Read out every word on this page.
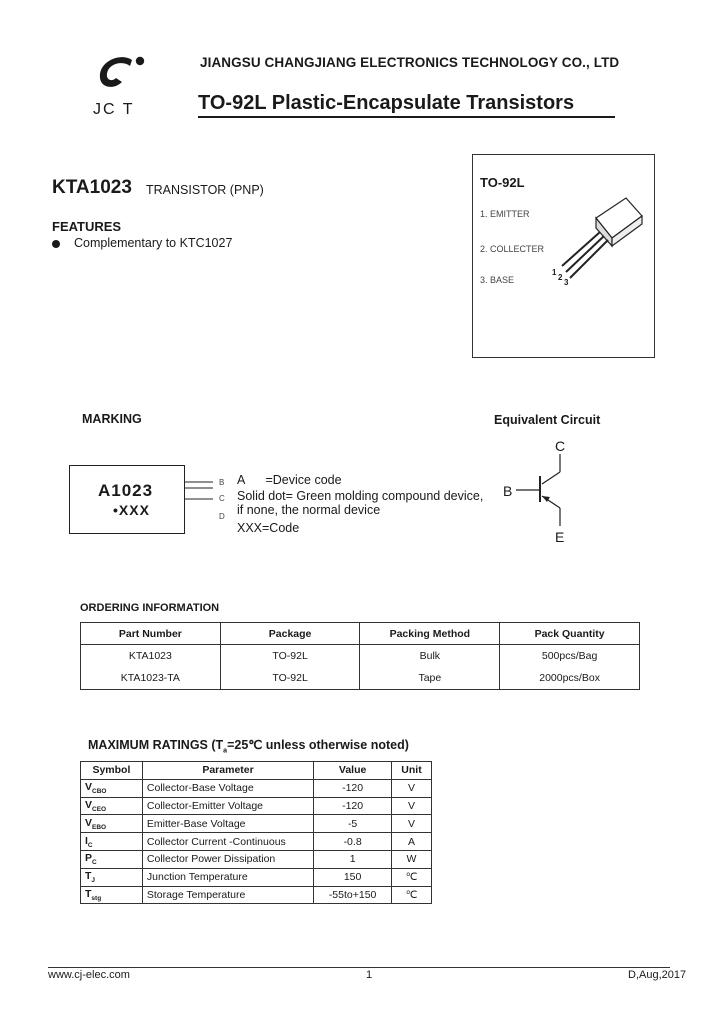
JC T
JIANGSU CHANGJIANG ELECTRONICS TECHNOLOGY CO., LTD
TO-92L Plastic-Encapsulate Transistors
KTA1023 TRANSISTOR (PNP)
FEATURES
Complementary to KTC1027
TO-92L
1. EMITTER
2. COLLECTER
3. BASE
1
2
3
MARKING
A1023
•XXX
B
C
D
A      =Device code
Solid dot= Green molding compound device,
if none, the normal device
XXX=Code
Equivalent Circuit
C
B
E
ORDERING INFORMATION
Part Number	Package	Packing Method	Pack Quantity
KTA1023	TO-92L	Bulk	500pcs/Bag
KTA1023-TA	TO-92L	Tape	2000pcs/Box
MAXIMUM RATINGS ($T_a=25℃$ unless otherwise noted)
Symbol	Parameter	Value	Unit
$V_{CBO}$	Collector-Base Voltage	-120	V
$V_{CEO}$	Collector-Emitter Voltage	-120	V
$V_{EBO}$	Emitter-Base Voltage	-5	V
$I_C$	Collector Current -Continuous	-0.8	A
$P_C$	Collector Power Dissipation	1	W
$T_J$	Junction Temperature	150	℃
$T_{stg}$	Storage Temperature	-55to+150	℃
www.cj-elec.com	1	D,Aug,2017
